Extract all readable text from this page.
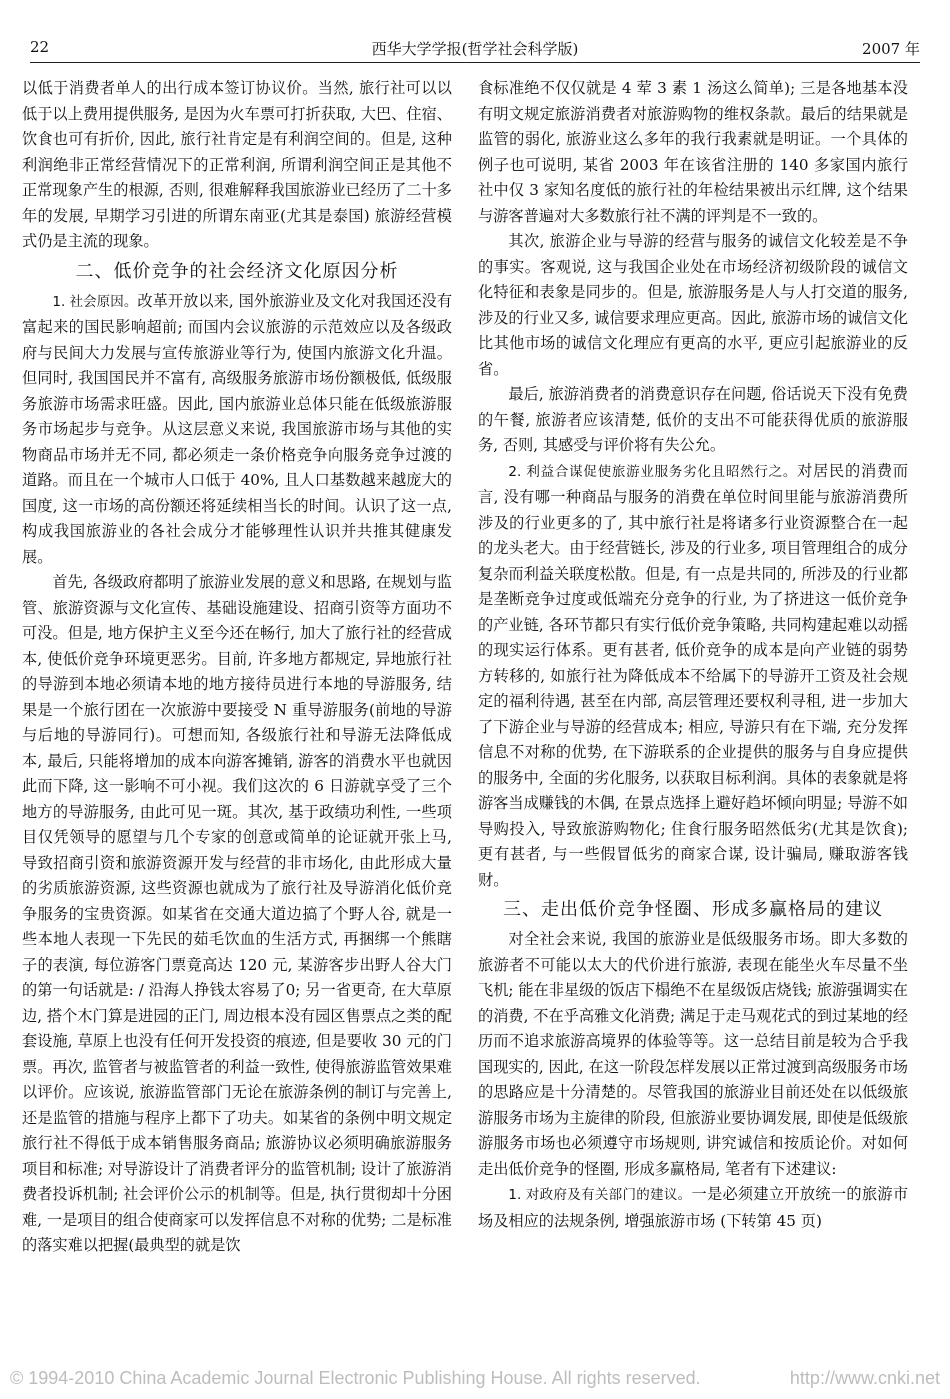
22	西华大学学报(哲学社会科学版)	2007 年

以低于消费者单人的出行成本签订协议价。当然, 旅行社可以以低于以上费用提供服务, 是因为火车票可打折获取, 大巴、住宿、饮食也可有折价, 因此, 旅行社肯定是有利润空间的。但是, 这种利润绝非正常经营情况下的正常利润, 所谓利润空间正是其他不正常现象产生的根源, 否则, 很难解释我国旅游业已经历了二十多年的发展, 早期学习引进的所谓东南亚(尤其是泰国) 旅游经营模式仍是主流的现象。

二、低价竞争的社会经济文化原因分析

1. 社会原因。改革开放以来, 国外旅游业及文化对我国还没有富起来的国民影响超前; 而国内会议旅游的示范效应以及各级政府与民间大力发展与宣传旅游业等行为, 使国内旅游文化升温。但同时, 我国国民并不富有, 高级服务旅游市场份额极低, 低级服务旅游市场需求旺盛。因此, 国内旅游业总体只能在低级旅游服务市场起步与竞争。从这层意义来说, 我国旅游市场与其他的实物商品市场并无不同, 都必须走一条价格竞争向服务竞争过渡的道路。而且在一个城市人口低于 40%, 且人口基数越来越庞大的国度, 这一市场的高份额还将延续相当长的时间。认识了这一点, 构成我国旅游业的各社会成分才能够理性认识并共推其健康发展。

首先, 各级政府都明了旅游业发展的意义和思路, 在规划与监管、旅游资源与文化宣传、基础设施建设、招商引资等方面功不可没。但是, 地方保护主义至今还在畅行, 加大了旅行社的经营成本, 使低价竞争环境更恶劣。目前, 许多地方都规定, 异地旅行社的导游到本地必须请本地的地方接待员进行本地的导游服务, 结果是一个旅行团在一次旅游中要接受 N 重导游服务(前地的导游与后地的导游同行)。可想而知, 各级旅行社和导游无法降低成本, 最后, 只能将增加的成本向游客摊销, 游客的消费水平也就因此而下降, 这一影响不可小视。我们这次的 6 日游就享受了三个地方的导游服务, 由此可见一斑。其次, 基于政绩功利性, 一些项目仅凭领导的愿望与几个专家的创意或简单的论证就开张上马, 导致招商引资和旅游资源开发与经营的非市场化, 由此形成大量的劣质旅游资源, 这些资源也就成为了旅行社及导游消化低价竞争服务的宝贵资源。如某省在交通大道边搞了个野人谷, 就是一些本地人表现一下先民的茹毛饮血的生活方式, 再捆绑一个熊瞎子的表演, 每位游客门票竟高达 120 元, 某游客步出野人谷大门的第一句话就是: / 沿海人挣钱太容易了0; 另一省更奇, 在大草原边, 搭个木门算是进园的正门, 周边根本没有园区售票点之类的配套设施, 草原上也没有任何开发投资的痕迹, 但是要收 30 元的门票。再次, 监管者与被监管者的利益一致性, 使得旅游监管效果难以评价。应该说, 旅游监管部门无论在旅游条例的制订与完善上, 还是监管的措施与程序上都下了功夫。如某省的条例中明文规定旅行社不得低于成本销售服务商品; 旅游协议必须明确旅游服务项目和标准; 对导游设计了消费者评分的监管机制; 设计了旅游消费者投诉机制; 社会评价公示的机制等。但是, 执行贯彻却十分困难, 一是项目的组合使商家可以发挥信息不对称的优势; 二是标准的落实难以把握(最典型的就是饮

食标准绝不仅仅就是 4 荤 3 素 1 汤这么简单); 三是各地基本没有明文规定旅游消费者对旅游购物的维权条款。最后的结果就是监管的弱化, 旅游业这么多年的我行我素就是明证。一个具体的例子也可说明, 某省 2003 年在该省注册的 140 多家国内旅行社中仅 3 家知名度低的旅行社的年检结果被出示红牌, 这个结果与游客普遍对大多数旅行社不满的评判是不一致的。

其次, 旅游企业与导游的经营与服务的诚信文化较差是不争的事实。客观说, 这与我国企业处在市场经济初级阶段的诚信文化特征和表象是同步的。但是, 旅游服务是人与人打交道的服务, 涉及的行业又多, 诚信要求理应更高。因此, 旅游市场的诚信文化比其他市场的诚信文化理应有更高的水平, 更应引起旅游业的反省。

最后, 旅游消费者的消费意识存在问题, 俗话说天下没有免费的午餐, 旅游者应该清楚, 低价的支出不可能获得优质的旅游服务, 否则, 其感受与评价将有失公允。

2. 利益合谋促使旅游业服务劣化且昭然行之。对居民的消费而言, 没有哪一种商品与服务的消费在单位时间里能与旅游消费所涉及的行业更多的了, 其中旅行社是将诸多行业资源整合在一起的龙头老大。由于经营链长, 涉及的行业多, 项目管理组合的成分复杂而利益关联度松散。但是, 有一点是共同的, 所涉及的行业都是垄断竞争过度或低端充分竞争的行业, 为了挤进这一低价竞争的产业链, 各环节都只有实行低价竞争策略, 共同构建起难以动摇的现实运行体系。更有甚者, 低价竞争的成本是向产业链的弱势方转移的, 如旅行社为降低成本不给属下的导游开工资及社会规定的福利待遇, 甚至在内部, 高层管理还要权利寻租, 进一步加大了下游企业与导游的经营成本; 相应, 导游只有在下端, 充分发挥信息不对称的优势, 在下游联系的企业提供的服务与自身应提供的服务中, 全面的劣化服务, 以获取目标利润。具体的表象就是将游客当成赚钱的木偶, 在景点选择上避好趋坏倾向明显; 导游不如导购投入, 导致旅游购物化; 住食行服务昭然低劣(尤其是饮食); 更有甚者, 与一些假冒低劣的商家合谋, 设计骗局, 赚取游客钱财。

三、走出低价竞争怪圈、形成多赢格局的建议

对全社会来说, 我国的旅游业是低级服务市场。即大多数的旅游者不可能以太大的代价进行旅游, 表现在能坐火车尽量不坐飞机; 能在非星级的饭店下榻绝不在星级饭店烧钱; 旅游强调实在的消费, 不在乎高雅文化消费; 满足于走马观花式的到过某地的经历而不追求旅游高境界的体验等等。这一总结目前是较为合乎我国现实的, 因此, 在这一阶段怎样发展以正常过渡到高级服务市场的思路应是十分清楚的。尽管我国的旅游业目前还处在以低级旅游服务市场为主旋律的阶段, 但旅游业要协调发展, 即使是低级旅游服务市场也必须遵守市场规则, 讲究诚信和按质论价。对如何走出低价竞争的怪圈, 形成多赢格局, 笔者有下述建议:

1. 对政府及有关部门的建议。一是必须建立开放统一的旅游市场及相应的法规条例, 增强旅游市场 (下转第 45 页)

© 1994-2010 China Academic Journal Electronic Publishing House. All rights reserved.	http://www.cnki.net
